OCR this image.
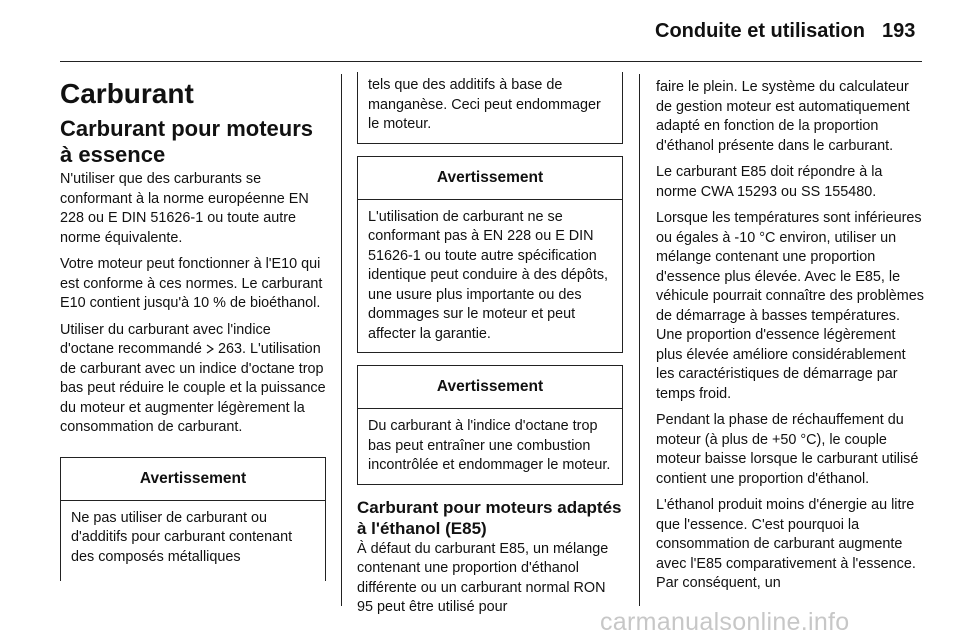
Conduite et utilisation 193
Carburant
Carburant pour moteurs à essence

N'utiliser que des carburants se conformant à la norme européenne EN 228 ou E DIN 51626-1 ou toute autre norme équivalente.

Votre moteur peut fonctionner à l'E10 qui est conforme à ces normes. Le carburant E10 contient jusqu'à 10 % de bioéthanol.

Utiliser du carburant avec l'indice d'octane recommandé  263. L'utilisation de carburant avec un indice d'octane trop bas peut réduire le couple et la puissance du moteur et augmenter légèrement la consommation de carburant.

Avertissement

Ne pas utiliser de carburant ou d'additifs pour carburant contenant des composés métalliques

tels que des additifs à base de manganèse. Ceci peut endommager le moteur.

Avertissement

L'utilisation de carburant ne se conformant pas à EN 228 ou E DIN 51626-1 ou toute autre spécification identique peut conduire à des dépôts, une usure plus importante ou des dommages sur le moteur et peut affecter la garantie.

Avertissement

Du carburant à l'indice d'octane trop bas peut entraîner une combustion incontrôlée et endommager le moteur.

Carburant pour moteurs adaptés à l'éthanol (E85)

À défaut du carburant E85, un mélange contenant une proportion d'éthanol différente ou un carburant normal RON 95 peut être utilisé pour

faire le plein. Le système du calculateur de gestion moteur est automatiquement adapté en fonction de la proportion d'éthanol présente dans le carburant.

Le carburant E85 doit répondre à la norme CWA 15293 ou SS 155480.

Lorsque les températures sont inférieures ou égales à -10 °C environ, utiliser un mélange contenant une proportion d'essence plus élevée. Avec le E85, le véhicule pourrait connaître des problèmes de démarrage à basses températures. Une proportion d'essence légèrement plus élevée améliore considérablement les caractéristiques de démarrage par temps froid.

Pendant la phase de réchauffement du moteur (à plus de +50 °C), le couple moteur baisse lorsque le carburant utilisé contient une proportion d'éthanol.

L'éthanol produit moins d'énergie au litre que l'essence. C'est pourquoi la consommation de carburant augmente avec l'E85 comparativement à l'essence. Par conséquent, un

carmanualsonline.info
